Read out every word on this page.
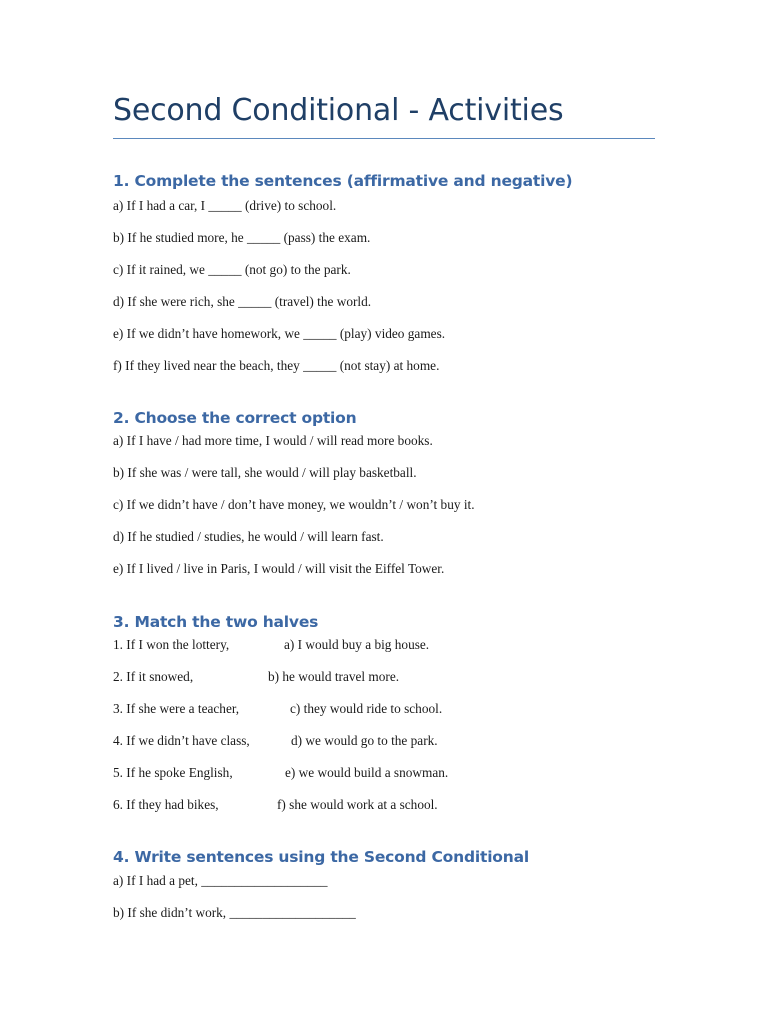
Second Conditional - Activities
1. Complete the sentences (affirmative and negative)

a) If I had a car, I _____ (drive) to school.

b) If he studied more, he _____ (pass) the exam.

c) If it rained, we _____ (not go) to the park.

d) If she were rich, she _____ (travel) the world.

e) If we didn’t have homework, we _____ (play) video games.

f) If they lived near the beach, they _____ (not stay) at home.

2. Choose the correct option

a) If I have / had more time, I would / will read more books.

b) If she was / were tall, she would / will play basketball.

c) If we didn’t have / don’t have money, we wouldn’t / won’t buy it.

d) If he studied / studies, he would / will learn fast.

e) If I lived / live in Paris, I would / will visit the Eiffel Tower.

3. Match the two halves
1. If I won the lottery,	a) I would buy a big house.
2. If it snowed,	b) he would travel more.
3. If she were a teacher,	c) they would ride to school.
4. If we didn’t have class,	d) we would go to the park.
5. If he spoke English,	e) we would build a snowman.
6. If they had bikes,	f) she would work at a school.
4. Write sentences using the Second Conditional

a) If I had a pet, ___________________

b) If she didn’t work, ___________________
